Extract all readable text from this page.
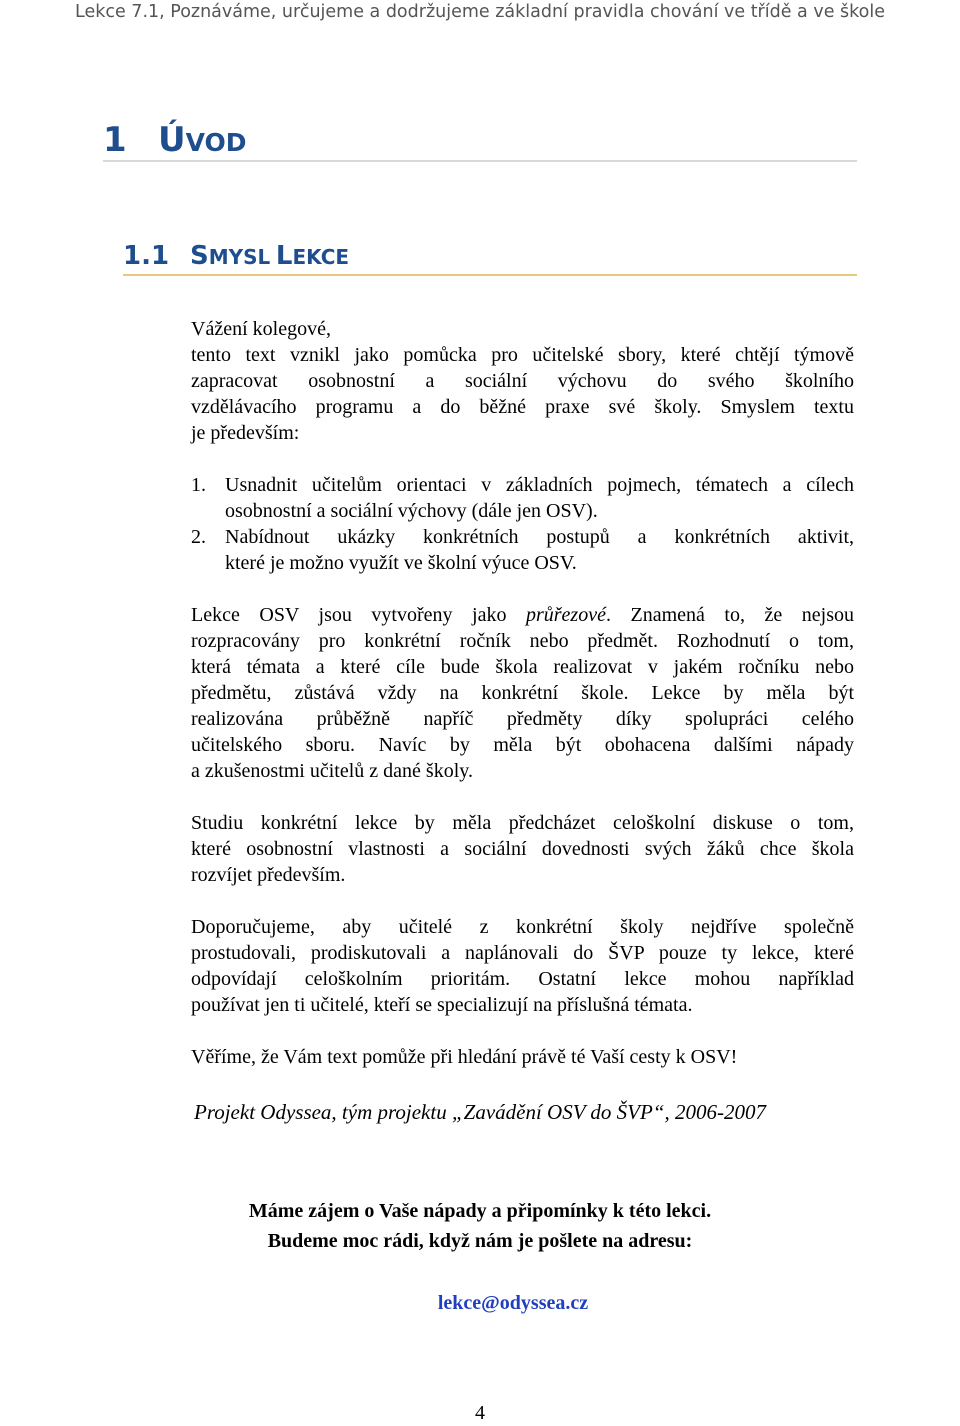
Lekce 7.1, Poznáváme, určujeme a dodržujeme základní pravidla chování ve třídě a ve škole
1 ÚVOD
1.1 SMYSL LEKCE
Vážení kolegové,
tento text vznikl jako pomůcka pro učitelské sbory, které chtějí týmově
zapracovat osobnostní a sociální výchovu do svého školního
vzdělávacího programu a do běžné praxe své školy. Smyslem textu
je především:
1. Usnadnit učitelům orientaci v základních pojmech, tématech a cílech
osobnostní a sociální výchovy (dále jen OSV).
2. Nabídnout ukázky konkrétních postupů a konkrétních aktivit,
které je možno využít ve školní výuce OSV.
Lekce OSV jsou vytvořeny jako průřezové. Znamená to, že nejsou
rozpracovány pro konkrétní ročník nebo předmět. Rozhodnutí o tom,
která témata a které cíle bude škola realizovat v jakém ročníku nebo
předmětu, zůstává vždy na konkrétní škole. Lekce by měla být
realizována průběžně napříč předměty díky spolupráci celého
učitelského sboru. Navíc by měla být obohacena dalšími nápady
a zkušenostmi učitelů z dané školy.
Studiu konkrétní lekce by měla předcházet celoškolní diskuse o tom,
které osobnostní vlastnosti a sociální dovednosti svých žáků chce škola
rozvíjet především.
Doporučujeme, aby učitelé z konkrétní školy nejdříve společně
prostudovali, prodiskutovali a naplánovali do ŠVP pouze ty lekce, které
odpovídají celoškolním prioritám. Ostatní lekce mohou například
používat jen ti učitelé, kteří se specializují na příslušná témata.
Věříme, že Vám text pomůže při hledání právě té Vaší cesty k OSV!
Projekt Odyssea, tým projektu „Zavádění OSV do ŠVP“, 2006-2007
Máme zájem o Vaše nápady a připomínky k této lekci.
Budeme moc rádi, když nám je pošlete na adresu:
lekce@odyssea.cz
4
